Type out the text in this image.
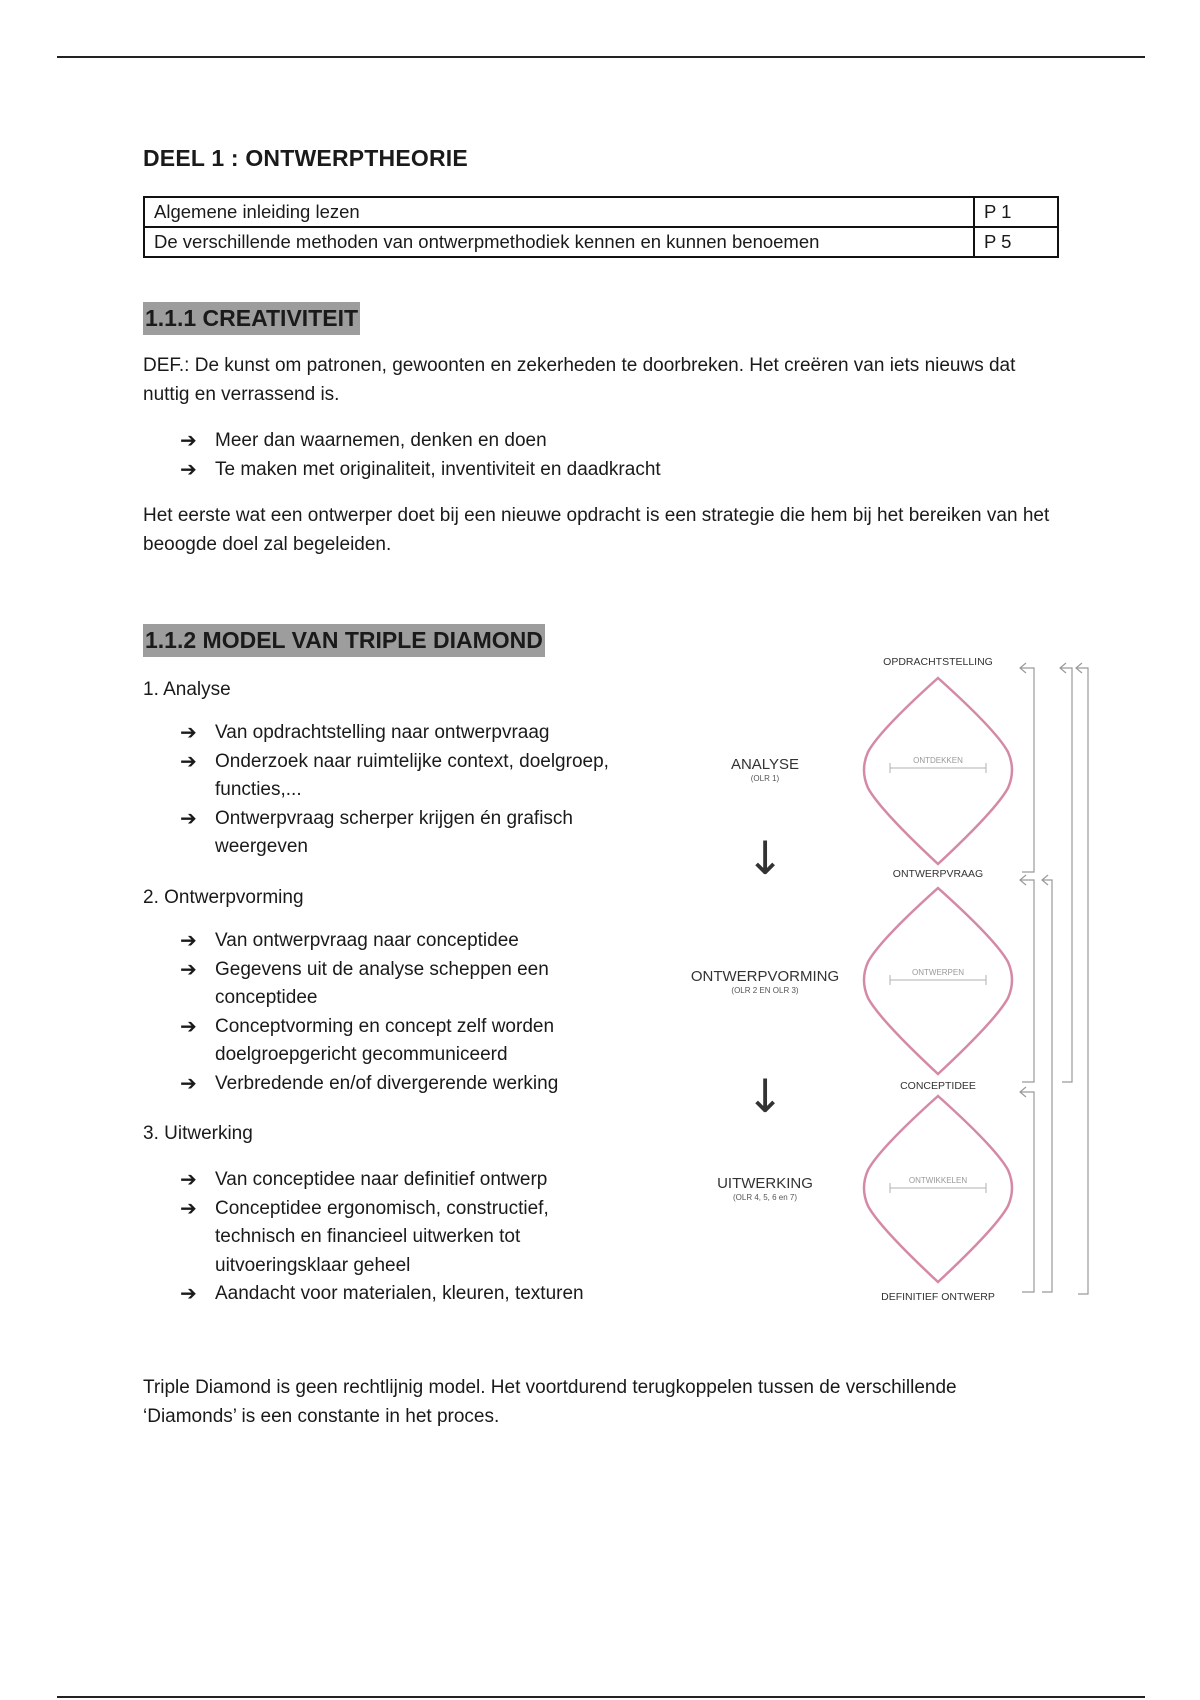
DEEL 1 : ONTWERPTHEORIE
Algemene inleiding lezen	P 1
De verschillende methoden van ontwerpmethodiek kennen en kunnen benoemen	P 5
1.1.1 CREATIVITEIT

DEF.: De kunst om patronen, gewoonten en zekerheden te doorbreken. Het creëren van iets nieuws dat nuttig en verrassend is.

➔ Meer dan waarnemen, denken en doen
➔ Te maken met originaliteit, inventiviteit en daadkracht

Het eerste wat een ontwerper doet bij een nieuwe opdracht is een strategie die hem bij het bereiken van het beoogde doel zal begeleiden.

1.1.2 MODEL VAN TRIPLE DIAMOND

1. Analyse

➔ Van opdrachtstelling naar ontwerpvraag
➔ Onderzoek naar ruimtelijke context, doelgroep, functies,...
➔ Ontwerpvraag scherper krijgen én grafisch weergeven

2. Ontwerpvorming

➔ Van ontwerpvraag naar conceptidee
➔ Gegevens uit de analyse scheppen een conceptidee
➔ Conceptvorming en concept zelf worden doelgroepgericht gecommuniceerd
➔ Verbredende en/of divergerende werking

3. Uitwerking

➔ Van conceptidee naar definitief ontwerp
➔ Conceptidee ergonomisch, constructief, technisch en financieel uitwerken tot uitvoeringsklaar geheel
➔ Aandacht voor materialen, kleuren, texturen

Triple Diamond is geen rechtlijnig model. Het voortdurend terugkoppelen tussen de verschillende ‘Diamonds’ is een constante in het proces.

ONTDEKKEN
ONTWERPEN
ONTWIKKELEN
OPDRACHTSTELLING
ONTWERPVRAAG
CONCEPTIDEE
DEFINITIEF ONTWERP
ANALYSE
(OLR 1)
ONTWERPVORMING
(OLR 2 EN OLR 3)
UITWERKING
(OLR 4, 5, 6 en 7)
↓
↓
